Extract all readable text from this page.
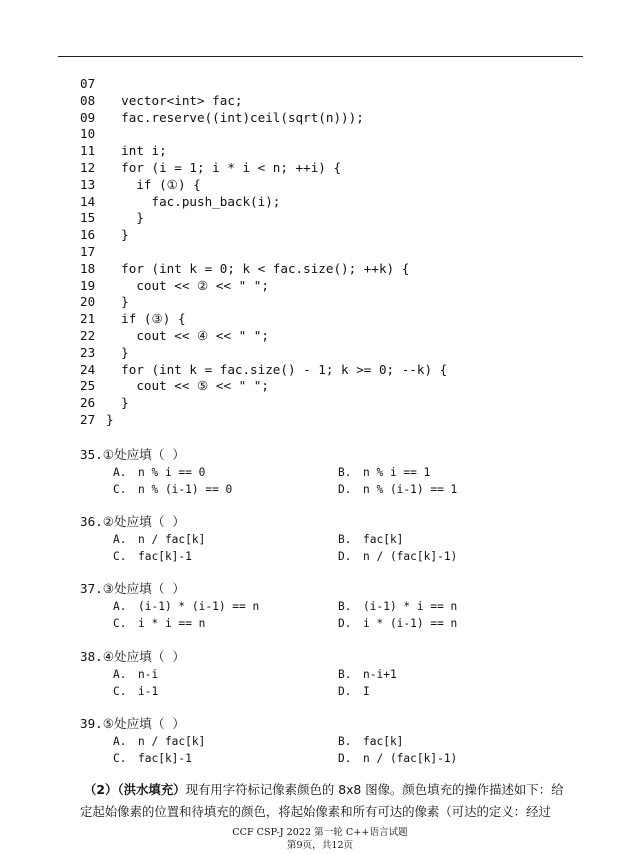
07
08  vector<int> fac;
09  fac.reserve((int)ceil(sqrt(n)));
10
11  int i;
12  for (i = 1; i * i < n; ++i) {
13    if (①) {
14      fac.push_back(i);
15    }
16  }
17
18  for (int k = 0; k < fac.size(); ++k) {
19    cout << ② << " ";
20  }
21  if (③) {
22    cout << ④ << " ";
23  }
24  for (int k = fac.size() - 1; k >= 0; --k) {
25    cout << ⑤ << " ";
26  }
27 }
35.①处应填（  ）
A. n % i == 0	B. n % i == 1
C. n % (i-1) == 0	D. n % (i-1) == 1
36.②处应填（  ）
A. n / fac[k]	B. fac[k]
C. fac[k]-1	D. n / (fac[k]-1)
37.③处应填（  ）
A. (i-1) * (i-1) == n	B. (i-1) * i == n
C. i * i == n	D. i * (i-1) == n
38.④处应填（  ）
A. n-i	B. n-i+1
C. i-1	D. I
39.⑤处应填（  ）
A. n / fac[k]	B. fac[k]
C. fac[k]-1	D. n / (fac[k]-1)

（2）（洪水填充）现有用字符标记像素颜色的 8x8 图像。颜色填充的操作描述如下：给

定起始像素的位置和待填充的颜色，将起始像素和所有可达的像素（可达的定义：经过

CCF CSP-J 2022 第一轮 C++语言试题
第9页，共12页
